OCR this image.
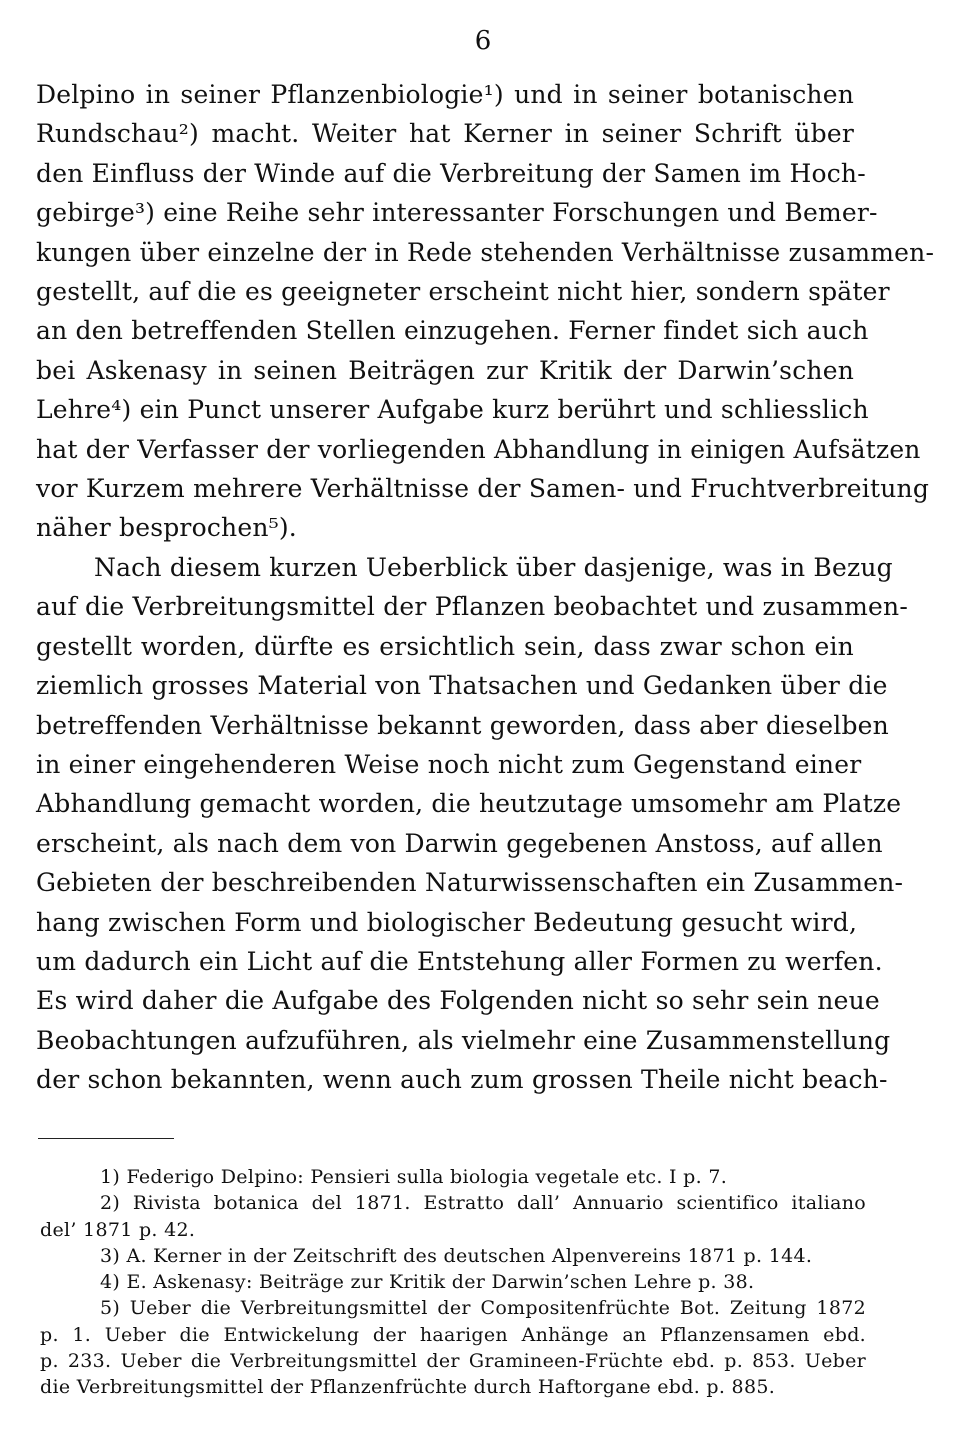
6
Delpino in seiner Pflanzenbiologie¹) und in seiner botanischen
Rundschau²) macht. Weiter hat Kerner in seiner Schrift über
den Einfluss der Winde auf die Verbreitung der Samen im Hoch-
gebirge³) eine Reihe sehr interessanter Forschungen und Bemer-
kungen über einzelne der in Rede stehenden Verhältnisse zusammen-
gestellt, auf die es geeigneter erscheint nicht hier, sondern später
an den betreffenden Stellen einzugehen. Ferner findet sich auch
bei Askenasy in seinen Beiträgen zur Kritik der Darwin’schen
Lehre⁴) ein Punct unserer Aufgabe kurz berührt und schliesslich
hat der Verfasser der vorliegenden Abhandlung in einigen Aufsätzen
vor Kurzem mehrere Verhältnisse der Samen- und Fruchtverbreitung
näher besprochen⁵).
Nach diesem kurzen Ueberblick über dasjenige, was in Bezug
auf die Verbreitungsmittel der Pflanzen beobachtet und zusammen-
gestellt worden, dürfte es ersichtlich sein, dass zwar schon ein
ziemlich grosses Material von Thatsachen und Gedanken über die
betreffenden Verhältnisse bekannt geworden, dass aber dieselben
in einer eingehenderen Weise noch nicht zum Gegenstand einer
Abhandlung gemacht worden, die heutzutage umsomehr am Platze
erscheint, als nach dem von Darwin gegebenen Anstoss, auf allen
Gebieten der beschreibenden Naturwissenschaften ein Zusammen-
hang zwischen Form und biologischer Bedeutung gesucht wird,
um dadurch ein Licht auf die Entstehung aller Formen zu werfen.
Es wird daher die Aufgabe des Folgenden nicht so sehr sein neue
Beobachtungen aufzuführen, als vielmehr eine Zusammenstellung
der schon bekannten, wenn auch zum grossen Theile nicht beach-
1) Federigo Delpino: Pensieri sulla biologia vegetale etc. I p. 7.
2) Rivista botanica del 1871. Estratto dall’ Annuario scientifico italiano
del’ 1871 p. 42.
3) A. Kerner in der Zeitschrift des deutschen Alpenvereins 1871 p. 144.
4) E. Askenasy: Beiträge zur Kritik der Darwin’schen Lehre p. 38.
5) Ueber die Verbreitungsmittel der Compositenfrüchte Bot. Zeitung 1872
p. 1. Ueber die Entwickelung der haarigen Anhänge an Pflanzensamen ebd.
p. 233. Ueber die Verbreitungsmittel der Gramineen-Früchte ebd. p. 853. Ueber
die Verbreitungsmittel der Pflanzenfrüchte durch Haftorgane ebd. p. 885.
